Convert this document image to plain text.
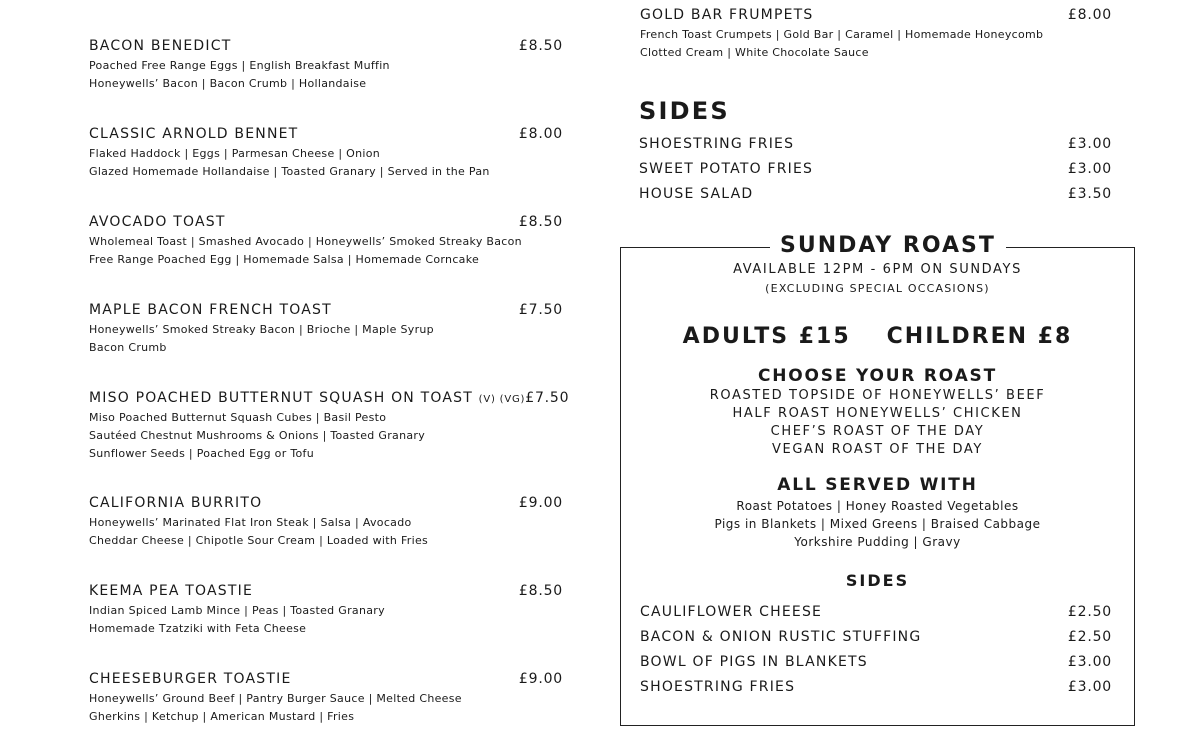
BACON BENEDICT	£8.50
Poached Free Range Eggs | English Breakfast Muffin
Honeywells’ Bacon | Bacon Crumb | Hollandaise
CLASSIC ARNOLD BENNET	£8.00
Flaked Haddock | Eggs | Parmesan Cheese | Onion
Glazed Homemade Hollandaise | Toasted Granary | Served in the Pan
AVOCADO TOAST	£8.50
Wholemeal Toast | Smashed Avocado | Honeywells’ Smoked Streaky Bacon
Free Range Poached Egg | Homemade Salsa | Homemade Corncake
MAPLE BACON FRENCH TOAST	£7.50
Honeywells’ Smoked Streaky Bacon | Brioche | Maple Syrup
Bacon Crumb
MISO POACHED BUTTERNUT SQUASH ON TOAST (V) (VG) £7.50
Miso Poached Butternut Squash Cubes | Basil Pesto
Sautéed Chestnut Mushrooms & Onions | Toasted Granary
Sunflower Seeds | Poached Egg or Tofu
CALIFORNIA BURRITO	£9.00
Honeywells’ Marinated Flat Iron Steak | Salsa | Avocado
Cheddar Cheese | Chipotle Sour Cream | Loaded with Fries
KEEMA PEA TOASTIE	£8.50
Indian Spiced Lamb Mince | Peas | Toasted Granary
Homemade Tzatziki with Feta Cheese
CHEESEBURGER TOASTIE	£9.00
Honeywells’ Ground Beef | Pantry Burger Sauce | Melted Cheese
Gherkins | Ketchup | American Mustard | Fries
GOLD BAR FRUMPETS	£8.00
French Toast Crumpets | Gold Bar | Caramel | Homemade Honeycomb
Clotted Cream | White Chocolate Sauce
SIDES
SHOESTRING FRIES	£3.00
SWEET POTATO FRIES	£3.00
HOUSE SALAD	£3.50
SUNDAY ROAST
AVAILABLE 12PM - 6PM ON SUNDAYS
(EXCLUDING SPECIAL OCCASIONS)
ADULTS £15 CHILDREN £8
CHOOSE YOUR ROAST
ROASTED TOPSIDE OF HONEYWELLS’ BEEF
HALF ROAST HONEYWELLS’ CHICKEN
CHEF’S ROAST OF THE DAY
VEGAN ROAST OF THE DAY
ALL SERVED WITH
Roast Potatoes | Honey Roasted Vegetables
Pigs in Blankets | Mixed Greens | Braised Cabbage
Yorkshire Pudding | Gravy
SIDES
CAULIFLOWER CHEESE	£2.50
BACON & ONION RUSTIC STUFFING	£2.50
BOWL OF PIGS IN BLANKETS	£3.00
SHOESTRING FRIES	£3.00
